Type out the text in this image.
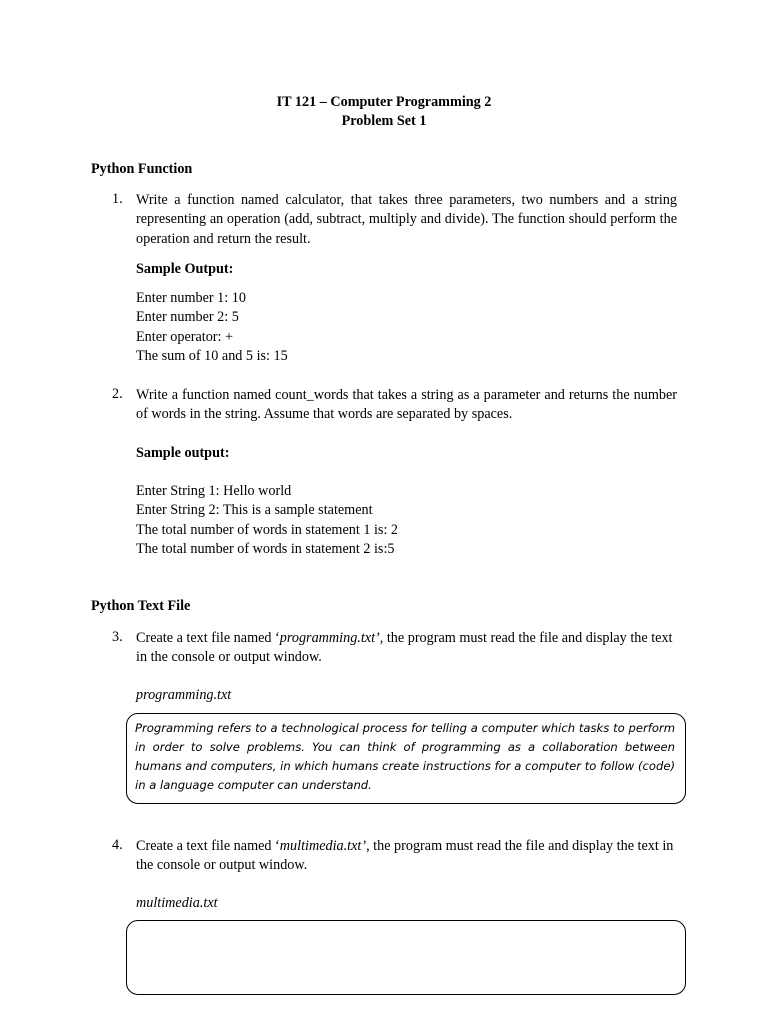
IT 121 – Computer Programming 2
Problem Set 1
Python Function
1. Write a function named calculator, that takes three parameters, two numbers and a string representing an operation (add, subtract, multiply and divide). The function should perform the operation and return the result.
Sample Output:
Enter number 1: 10
Enter number 2: 5
Enter operator: +
The sum of 10 and 5 is: 15
2. Write a function named count_words that takes a string as a parameter and returns the number of words in the string. Assume that words are separated by spaces.
Sample output:
Enter String 1: Hello world
Enter String 2: This is a sample statement
The total number of words in statement 1 is: 2
The total number of words in statement 2 is:5
Python Text File
3. Create a text file named ‘programming.txt’, the program must read the file and display the text in the console or output window.
programming.txt
Programming refers to a technological process for telling a computer which tasks to perform in order to solve problems. You can think of programming as a collaboration between humans and computers, in which humans create instructions for a computer to follow (code) in a language computer can understand.
4. Create a text file named ‘multimedia.txt’, the program must read the file and display the text in the console or output window.
multimedia.txt
